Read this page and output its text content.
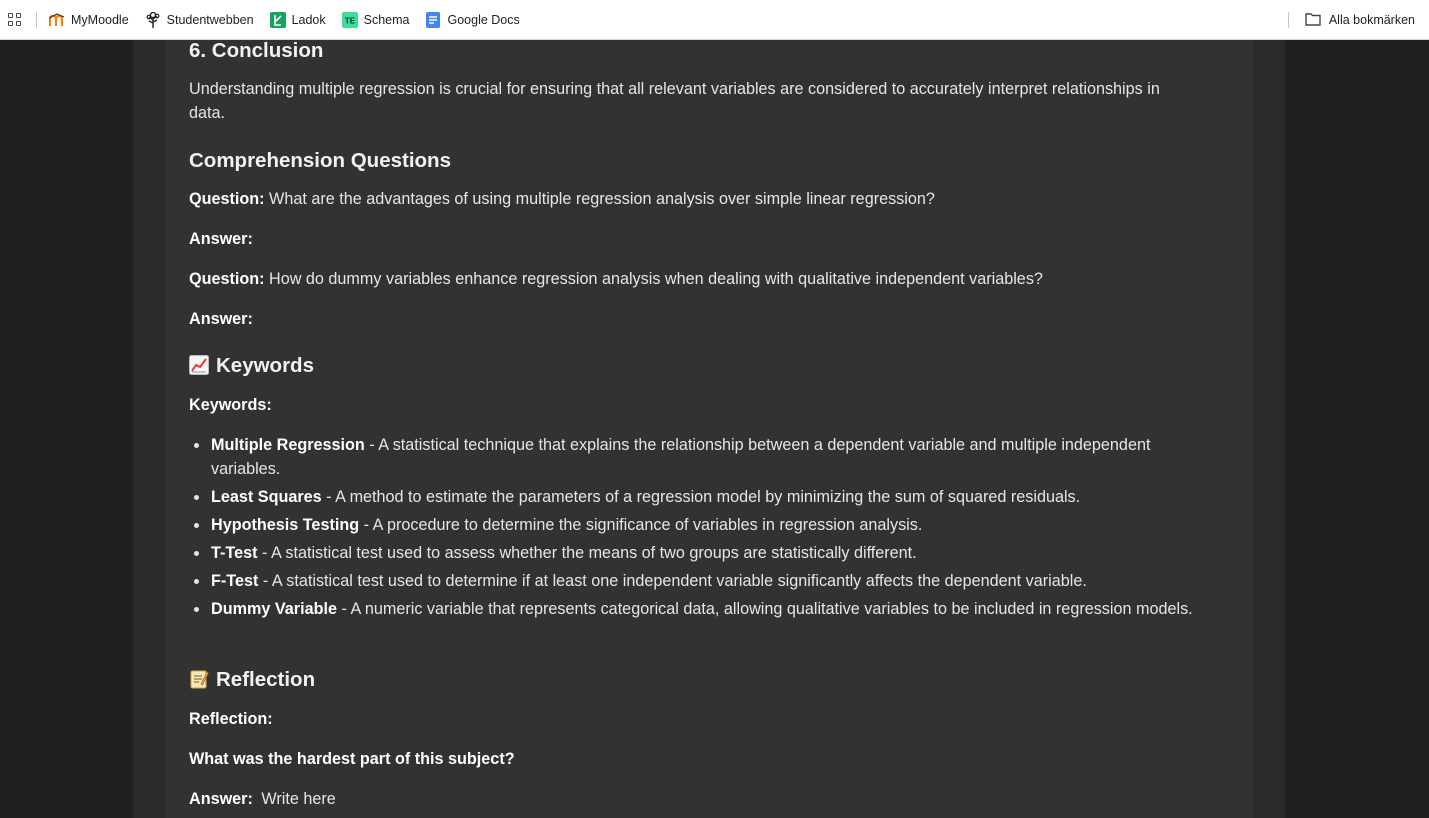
MyMoodle	Studentwebben	Ladok TE Schema	Google Docs	Alla bokmärken
6. Conclusion

Understanding multiple regression is crucial for ensuring that all relevant variables are considered to accurately interpret relationships in data.

Comprehension Questions

Question: What are the advantages of using multiple regression analysis over simple linear regression?

Answer:

Question: How do dummy variables enhance regression analysis when dealing with qualitative independent variables?

Answer:

Keywords

Keywords:

Multiple Regression - A statistical technique that explains the relationship between a dependent variable and multiple independent variables.
Least Squares - A method to estimate the parameters of a regression model by minimizing the sum of squared residuals.
Hypothesis Testing - A procedure to determine the significance of variables in regression analysis.
T-Test - A statistical test used to assess whether the means of two groups are statistically different.
F-Test - A statistical test used to determine if at least one independent variable significantly affects the dependent variable.
Dummy Variable - A numeric variable that represents categorical data, allowing qualitative variables to be included in regression models.
Reflection

Reflection:

What was the hardest part of this subject?

Answer: Write here
